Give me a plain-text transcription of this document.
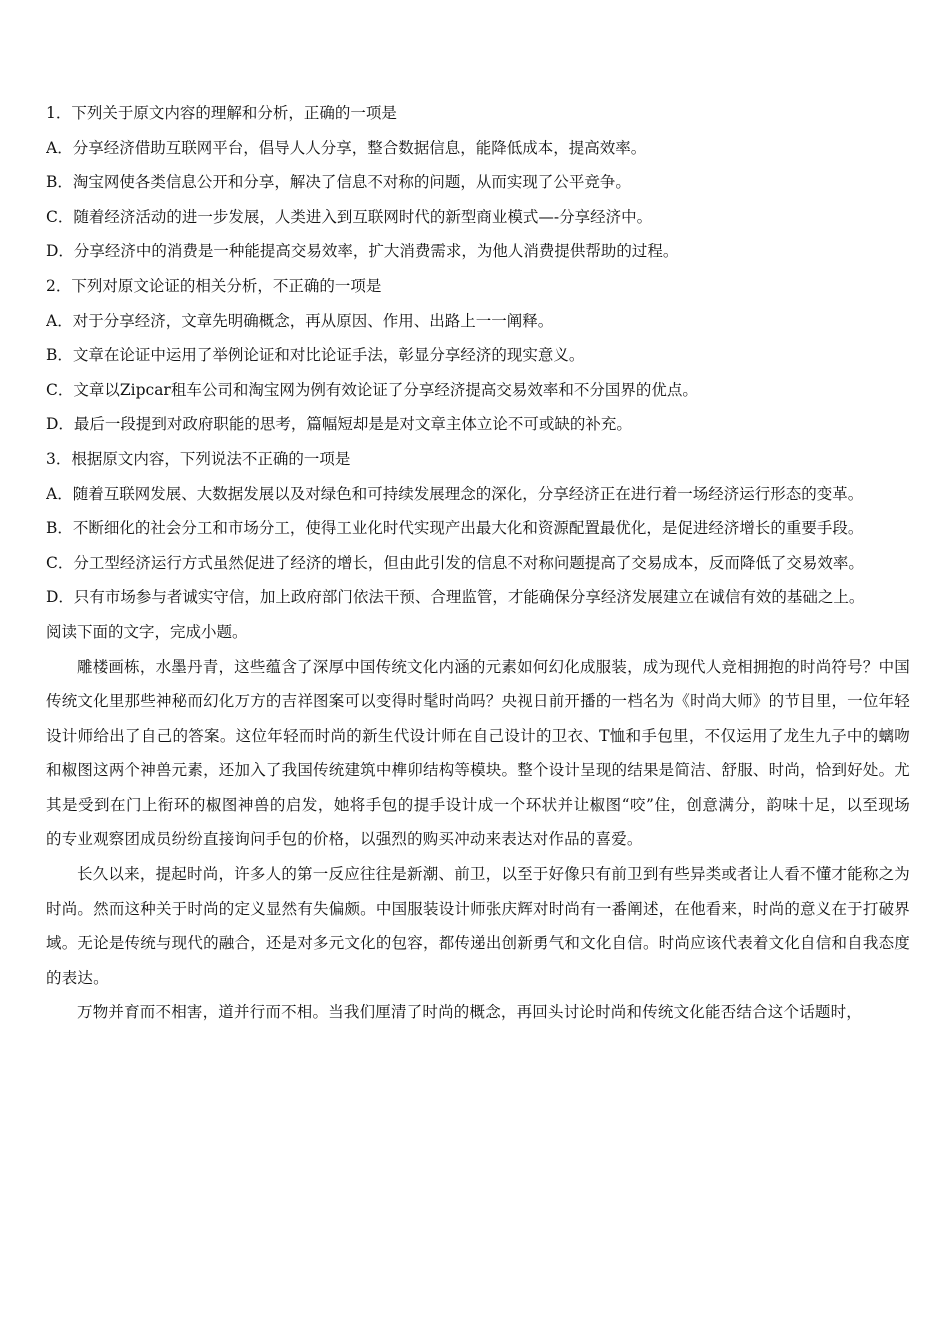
1．下列关于原文内容的理解和分析，正确的一项是

A．分享经济借助互联网平台，倡导人人分享，整合数据信息，能降低成本，提高效率。

B．淘宝网使各类信息公开和分享，解决了信息不对称的问题，从而实现了公平竞争。

C．随着经济活动的进一步发展，人类进入到互联网时代的新型商业模式—-分享经济中。

D．分享经济中的消费是一种能提高交易效率，扩大消费需求，为他人消费提供帮助的过程。

2．下列对原文论证的相关分析，不正确的一项是

A．对于分享经济，文章先明确概念，再从原因、作用、出路上一一阐释。

B．文章在论证中运用了举例论证和对比论证手法，彰显分享经济的现实意义。

C．文章以Zipcar租车公司和淘宝网为例有效论证了分享经济提高交易效率和不分国界的优点。

D．最后一段提到对政府职能的思考，篇幅短却是是对文章主体立论不可或缺的补充。

3．根据原文内容，下列说法不正确的一项是

A．随着互联网发展、大数据发展以及对绿色和可持续发展理念的深化，分享经济正在进行着一场经济运行形态的变革。

B．不断细化的社会分工和市场分工，使得工业化时代实现产出最大化和资源配置最优化，是促进经济增长的重要手段。

C．分工型经济运行方式虽然促进了经济的增长，但由此引发的信息不对称问题提高了交易成本，反而降低了交易效率。

D．只有市场参与者诚实守信，加上政府部门依法干预、合理监管，才能确保分享经济发展建立在诚信有效的基础之上。

阅读下面的文字，完成小题。

雕楼画栋，水墨丹青，这些蕴含了深厚中国传统文化内涵的元素如何幻化成服装，成为现代人竞相拥抱的时尚符号？中国传统文化里那些神秘而幻化万方的吉祥图案可以变得时髦时尚吗？央视日前开播的一档名为《时尚大师》的节目里，一位年轻设计师给出了自己的答案。这位年轻而时尚的新生代设计师在自己设计的卫衣、T恤和手包里，不仅运用了龙生九子中的螭吻和椒图这两个神兽元素，还加入了我国传统建筑中榫卯结构等模块。整个设计呈现的结果是简洁、舒服、时尚，恰到好处。尤其是受到在门上衔环的椒图神兽的启发，她将手包的提手设计成一个环状并让椒图“咬”住，创意满分，韵味十足，以至现场的专业观察团成员纷纷直接询问手包的价格，以强烈的购买冲动来表达对作品的喜爱。

长久以来，提起时尚，许多人的第一反应往往是新潮、前卫，以至于好像只有前卫到有些异类或者让人看不懂才能称之为时尚。然而这种关于时尚的定义显然有失偏颇。中国服装设计师张庆辉对时尚有一番阐述，在他看来，时尚的意义在于打破界域。无论是传统与现代的融合，还是对多元文化的包容，都传递出创新勇气和文化自信。时尚应该代表着文化自信和自我态度的表达。

万物并育而不相害，道并行而不相。当我们厘清了时尚的概念，再回头讨论时尚和传统文化能否结合这个话题时，
